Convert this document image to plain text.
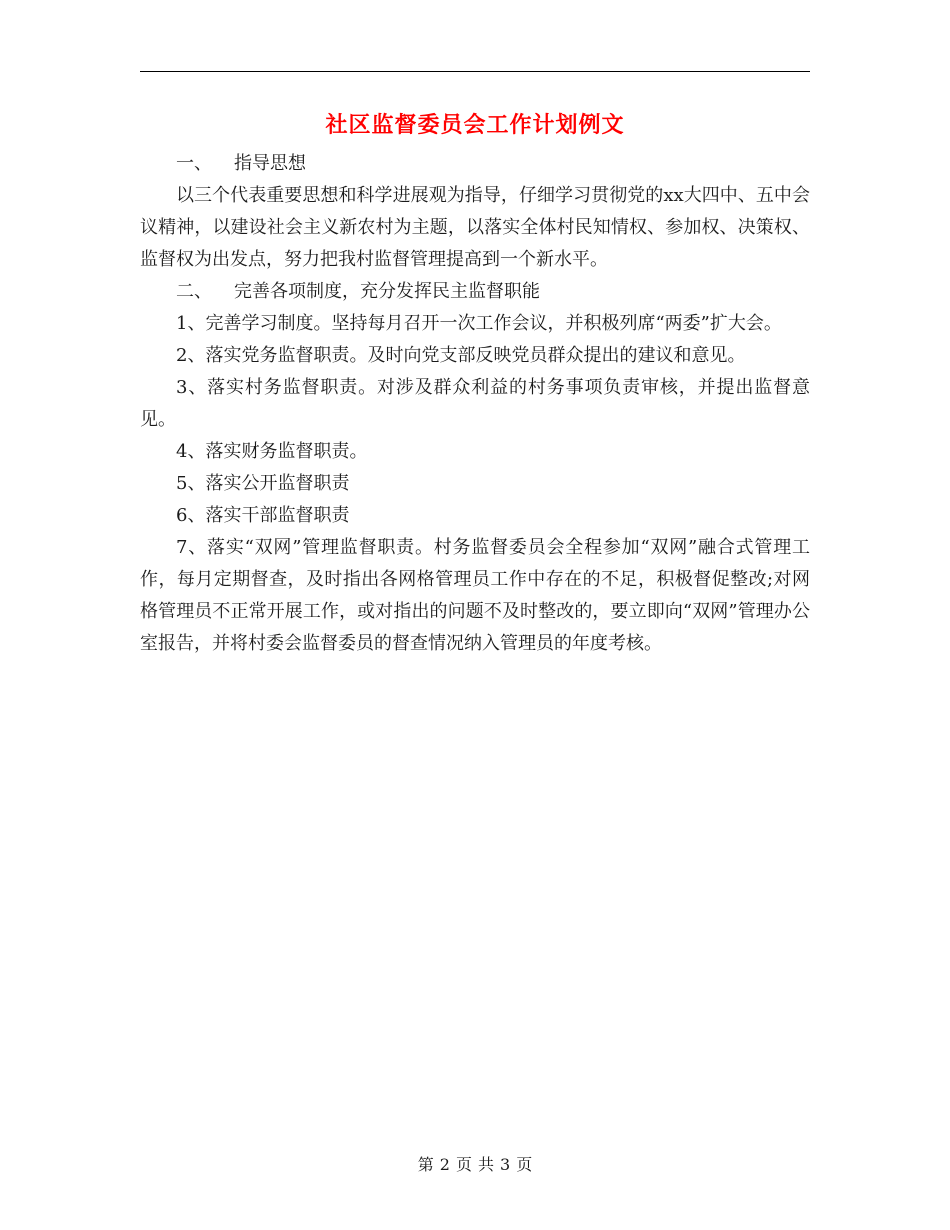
社区监督委员会工作计划例文

一、 指导思想

以三个代表重要思想和科学进展观为指导，仔细学习贯彻党的xx大四中、五中会议精神，以建设社会主义新农村为主题，以落实全体村民知情权、参加权、决策权、监督权为出发点，努力把我村监督管理提高到一个新水平。

二、 完善各项制度，充分发挥民主监督职能

1、完善学习制度。坚持每月召开一次工作会议，并积极列席“两委”扩大会。

2、落实党务监督职责。及时向党支部反映党员群众提出的建议和意见。

3、落实村务监督职责。对涉及群众利益的村务事项负责审核，并提出监督意见。

4、落实财务监督职责。

5、落实公开监督职责

6、落实干部监督职责

7、落实“双网”管理监督职责。村务监督委员会全程参加“双网”融合式管理工作，每月定期督查，及时指出各网格管理员工作中存在的不足，积极督促整改;对网格管理员不正常开展工作，或对指出的问题不及时整改的，要立即向“双网”管理办公室报告，并将村委会监督委员的督查情况纳入管理员的年度考核。

第 2 页 共 3 页
